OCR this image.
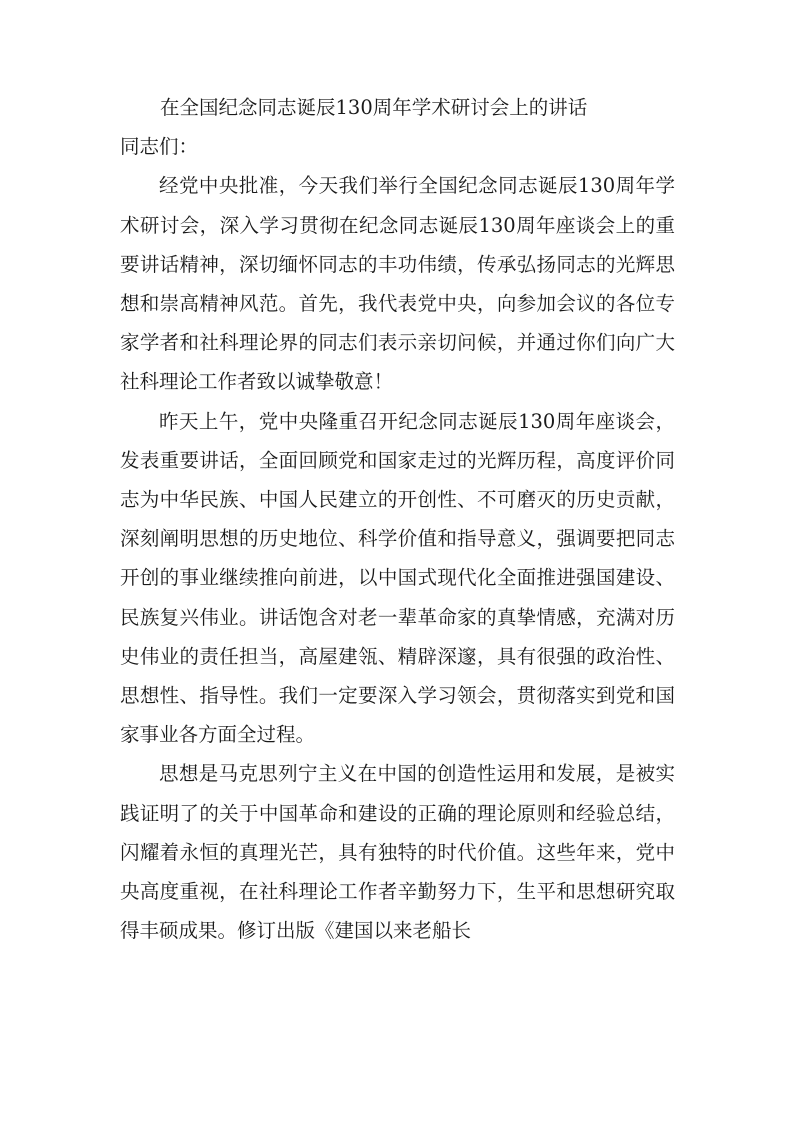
在全国纪念同志诞辰130周年学术研讨会上的讲话

同志们：

经党中央批准，今天我们举行全国纪念同志诞辰130周年学术研讨会，深入学习贯彻在纪念同志诞辰130周年座谈会上的重要讲话精神，深切缅怀同志的丰功伟绩，传承弘扬同志的光辉思想和崇高精神风范。首先，我代表党中央，向参加会议的各位专家学者和社科理论界的同志们表示亲切问候，并通过你们向广大社科理论工作者致以诚挚敬意！

昨天上午，党中央隆重召开纪念同志诞辰130周年座谈会，发表重要讲话，全面回顾党和国家走过的光辉历程，高度评价同志为中华民族、中国人民建立的开创性、不可磨灭的历史贡献，深刻阐明思想的历史地位、科学价值和指导意义，强调要把同志开创的事业继续推向前进，以中国式现代化全面推进强国建设、民族复兴伟业。讲话饱含对老一辈革命家的真挚情感，充满对历史伟业的责任担当，高屋建瓴、精辟深邃，具有很强的政治性、思想性、指导性。我们一定要深入学习领会，贯彻落实到党和国家事业各方面全过程。

思想是马克思列宁主义在中国的创造性运用和发展，是被实践证明了的关于中国革命和建设的正确的理论原则和经验总结，闪耀着永恒的真理光芒，具有独特的时代价值。这些年来，党中央高度重视，在社科理论工作者辛勤努力下，生平和思想研究取得丰硕成果。修订出版《建国以来老船长
